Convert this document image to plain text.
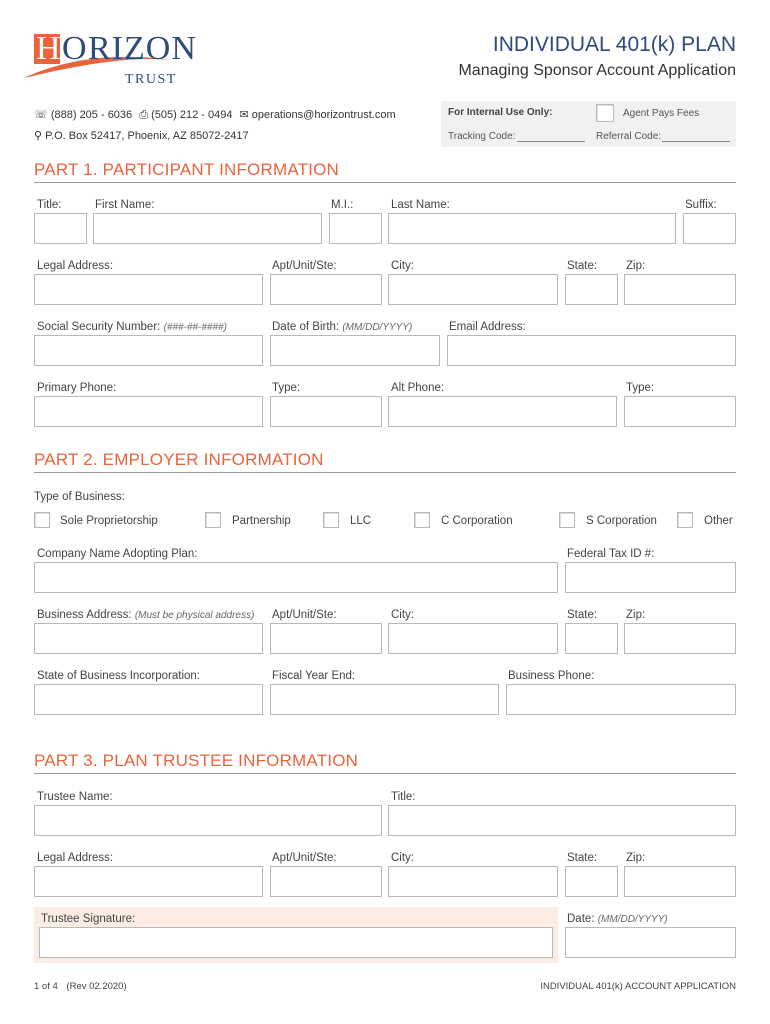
H O RIZON
TRUST
INDIVIDUAL 401(k) PLAN
Managing Sponsor Account Application
☏ (888) 205 - 6036 ⎙ (505) 212 - 0494 ✉ operations@horizontrust.com
⚲ P.O. Box 52417, Phoenix, AZ 85072-2417
For Internal Use Only:	Agent Pays Fees
Tracking Code:	Referral Code:
PART 1. PARTICIPANT INFORMATION
Title:	First Name:	M.I.:	Last Name:	Suffix:
Legal Address:	Apt/Unit/Ste:	City:	State:	Zip:
Social Security Number: (###-##-####)	Date of Birth: (MM/DD/YYYY)	Email Address:
Primary Phone:	Type:	Alt Phone:	Type:
PART 2. EMPLOYER INFORMATION
Type of Business:
Sole Proprietorship	Partnership	LLC	C Corporation	S Corporation	Other
Company Name Adopting Plan:	Federal Tax ID #:
Business Address: (Must be physical address) Apt/Unit/Ste:	City:	State:	Zip:
State of Business Incorporation:	Fiscal Year End:	Business Phone:
PART 3. PLAN TRUSTEE INFORMATION
Trustee Name:	Title:
Legal Address:	Apt/Unit/Ste:	City:	State:	Zip:
Trustee Signature:	Date: (MM/DD/YYYY)
1 of 4 (Rev 02.2020)	INDIVIDUAL 401(k) ACCOUNT APPLICATION
